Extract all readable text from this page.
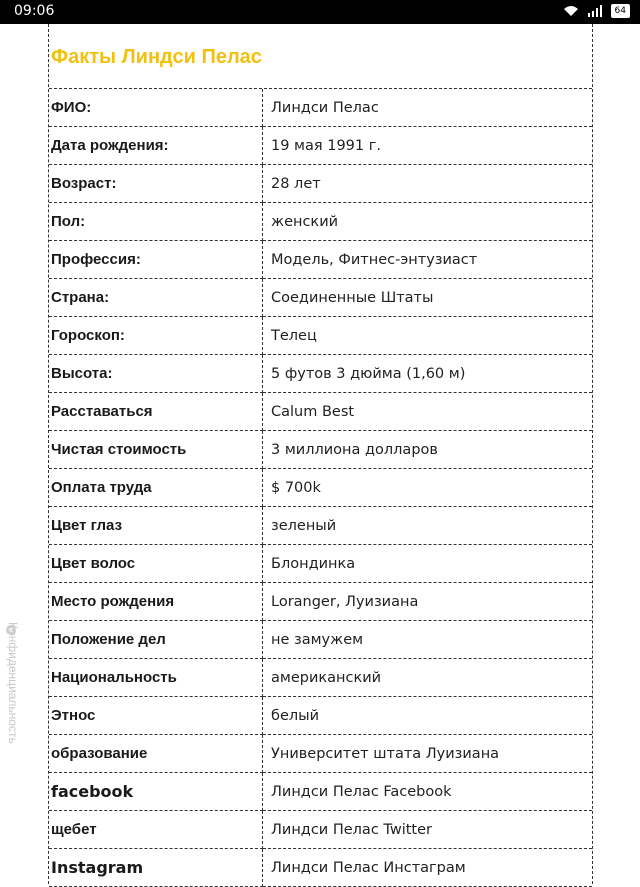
09:06	64
Факты Линдси Пелас
ФИО:	Линдси Пелас
Дата рождения:	19 мая 1991 г.
Возраст:	28 лет
Пол:	женский
Профессия:	Модель, Фитнес-энтузиаст
Страна:	Соединенные Штаты
Гороскоп:	Телец
Высота:	5 футов 3 дюйма (1,60 м)
Расставаться	Calum Best
Чистая стоимость	3 миллиона долларов
Оплата труда	$ 700k
Цвет глаз	зеленый
Цвет волос	Блондинка
Место рождения	Loranger, Луизиана
Положение дел	не замужем
Национальность	американский
Этнос	белый
образование	Университет штата Луизиана
facebook	Линдси Пелас Facebook
щебет	Линдси Пелас Twitter
Instagram	Линдси Пелас Инстаграм
Конфиденциальность
